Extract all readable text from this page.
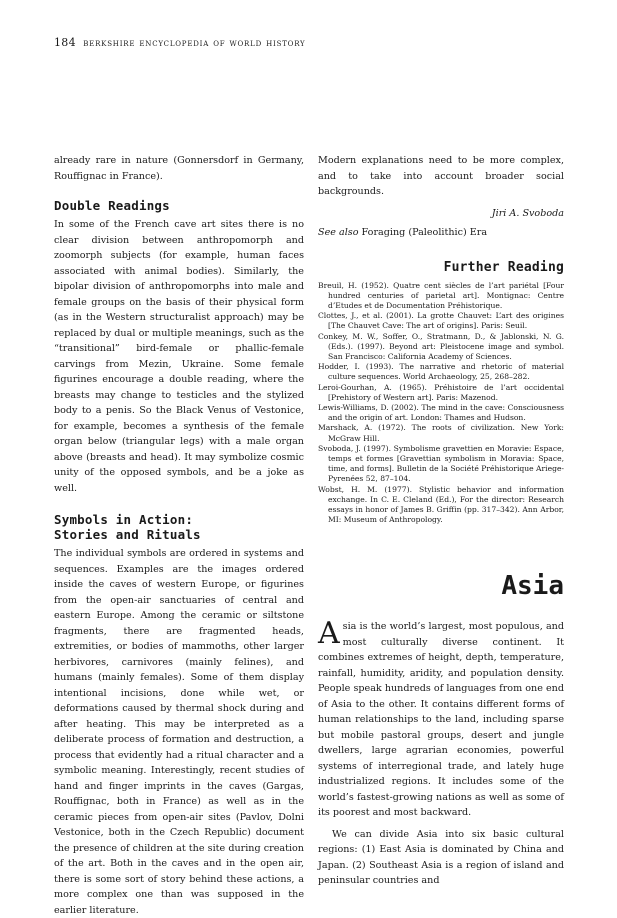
184 berkshire encyclopedia of world history

already rare in nature (Gonnersdorf in Germany, Rouffignac in France).

Double Readings

In some of the French cave art sites there is no clear division between anthropomorph and zoomorph subjects (for example, human faces associated with animal bodies). Similarly, the bipolar division of anthropomorphs into male and female groups on the basis of their physical form (as in the Western structuralist approach) may be replaced by dual or multiple meanings, such as the “transitional” bird-female or phallic-female carvings from Mezin, Ukraine. Some female figurines encourage a double reading, where the breasts may change to testicles and the stylized body to a penis. So the Black Venus of Vestonice, for example, becomes a synthesis of the female organ below (triangular legs) with a male organ above (breasts and head). It may symbolize cosmic unity of the opposed symbols, and be a joke as well.

Symbols in Action:
Stories and Rituals

The individual symbols are ordered in systems and sequences. Examples are the images ordered inside the caves of western Europe, or figurines from the open-air sanctuaries of central and eastern Europe. Among the ceramic or siltstone fragments, there are fragmented heads, extremities, or bodies of mammoths, other larger herbivores, carnivores (mainly felines), and humans (mainly females). Some of them display intentional incisions, done while wet, or deformations caused by thermal shock during and after heating. This may be interpreted as a deliberate process of formation and destruction, a process that evidently had a ritual character and a symbolic meaning. Interestingly, recent studies of hand and finger imprints in the caves (Gargas, Rouffignac, both in France) as well as in the ceramic pieces from open-air sites (Pavlov, Dolni Vestonice, both in the Czech Republic) document the presence of children at the site during creation of the art. Both in the caves and in the open air, there is some sort of story behind these actions, a more complex one than was supposed in the earlier literature.

Modern explanations need to be more complex, and to take into account broader social backgrounds.

Jiri A. Svoboda
See also Foraging (Paleolithic) Era
Further Reading
Breuil, H. (1952). Quatre cent siècles de l’art pariétal [Four hundred centuries of parietal art]. Montignac: Centre d’Etudes et de Documentation Préhistorique.
Clottes, J., et al. (2001). La grotte Chauvet: L’art des origines [The Chauvet Cave: The art of origins]. Paris: Seuil.
Conkey, M. W., Soffer, O., Stratmann, D., & Jablonski, N. G. (Eds.). (1997). Beyond art: Pleistocene image and symbol. San Francisco: California Academy of Sciences.
Hodder, I. (1993). The narrative and rhetoric of material culture sequences. World Archaeology, 25, 268–282.
Leroi-Gourhan, A. (1965). Préhistoire de l’art occidental [Prehistory of Western art]. Paris: Mazenod.
Lewis-Williams, D. (2002). The mind in the cave: Consciousness and the origin of art. London: Thames and Hudson.
Marshack, A. (1972). The roots of civilization. New York: McGraw Hill.
Svoboda, J. (1997). Symbolisme gravettien en Moravie: Espace, temps et formes [Gravettian symbolism in Moravia: Space, time, and forms]. Bulletin de la Société Préhistorique Ariege-Pyrenées 52, 87–104.
Wobst, H. M. (1977). Stylistic behavior and information exchange. In C. E. Cleland (Ed.), For the director: Research essays in honor of James B. Griffin (pp. 317–342). Ann Arbor, MI: Museum of Anthropology.
Asia

Asia is the world’s largest, most populous, and most culturally diverse continent. It combines extremes of height, depth, temperature, rainfall, humidity, aridity, and population density. People speak hundreds of languages from one end of Asia to the other. It contains different forms of human relationships to the land, including sparse but mobile pastoral groups, desert and jungle dwellers, large agrarian economies, powerful systems of interregional trade, and lately huge industrialized regions. It includes some of the world’s fastest-growing nations as well as some of its poorest and most backward.

We can divide Asia into six basic cultural regions: (1) East Asia is dominated by China and Japan. (2) Southeast Asia is a region of island and peninsular countries and
